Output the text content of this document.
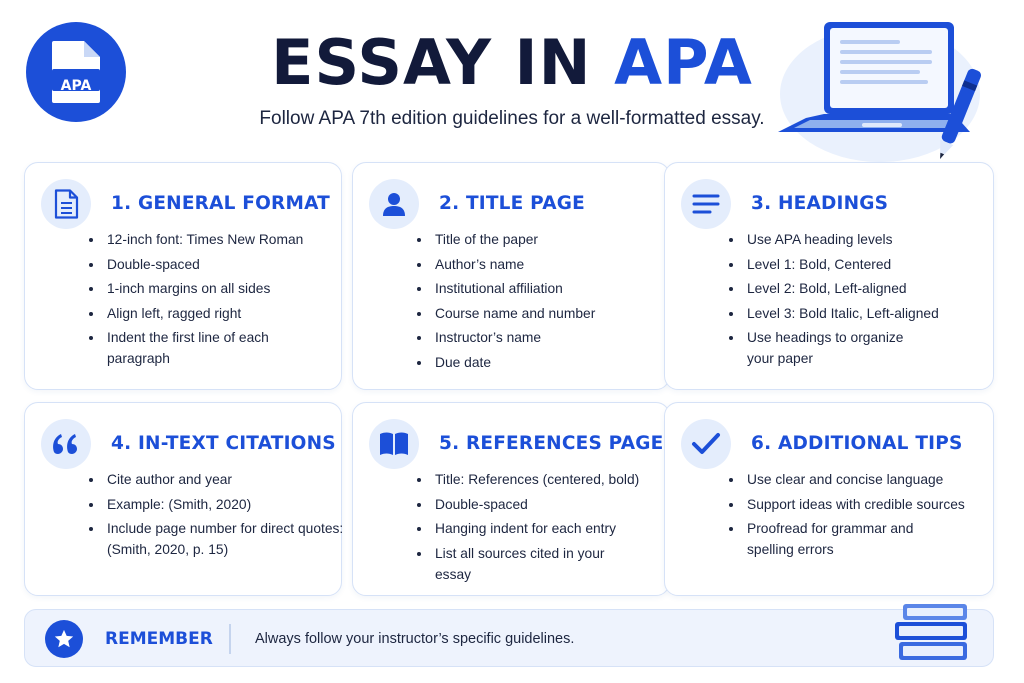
APA	ESSAY IN APA

Follow APA 7th edition guidelines for a well-formatted essay.

1. GENERAL FORMAT
12-inch font: Times New Roman
Double-spaced
1-inch margins on all sides
Align left, ragged right
Indent the first line of each paragraph
2. TITLE PAGE
Title of the paper
Author’s name
Institutional affiliation
Course name and number
Instructor’s name
Due date
3. HEADINGS
Use APA heading levels
Level 1: Bold, Centered
Level 2: Bold, Left-aligned
Level 3: Bold Italic, Left-aligned
Use headings to organize your paper
4. IN-TEXT CITATIONS
Cite author and year
Example: (Smith, 2020)
Include page number for direct quotes: (Smith, 2020, p. 15)
5. REFERENCES PAGE
Title: References (centered, bold)
Double-spaced
Hanging indent for each entry
List all sources cited in your essay
6. ADDITIONAL TIPS
Use clear and concise language
Support ideas with credible sources
Proofread for grammar and spelling errors

REMEMBER	Always follow your instructor’s specific guidelines.
